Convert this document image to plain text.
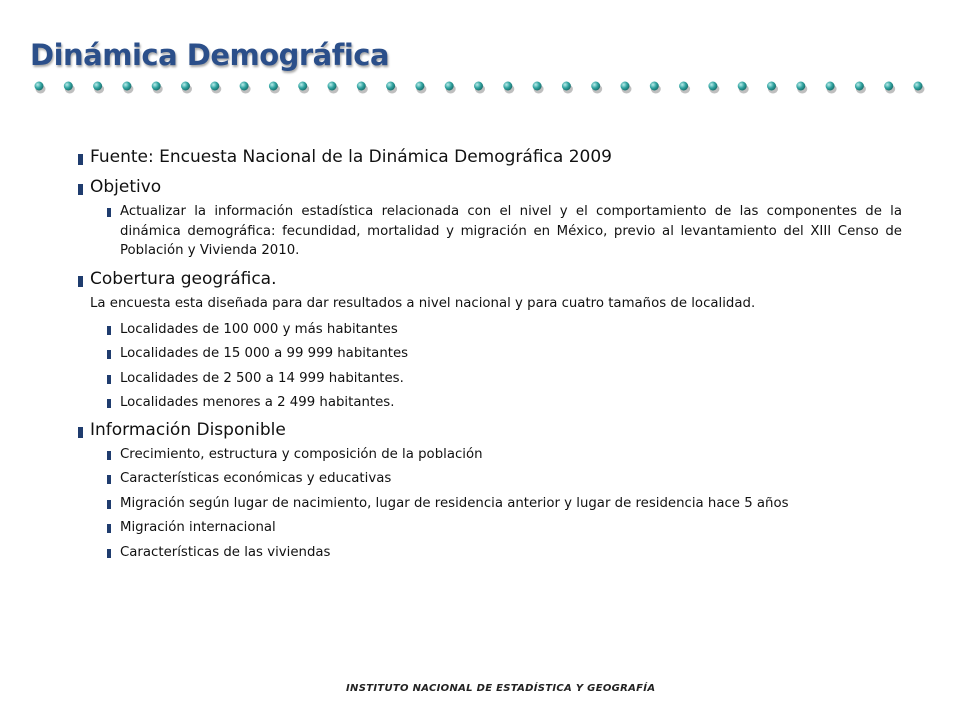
Dinámica Demográfica
Fuente: Encuesta Nacional de la Dinámica Demográfica 2009
Objetivo
Actualizar la información estadística relacionada con el nivel y el comportamiento de las componentes de la dinámica demográfica: fecundidad, mortalidad y migración en México, previo al levantamiento del XIII Censo de Población y Vivienda 2010.
Cobertura geográfica.
La encuesta esta diseñada para dar resultados a nivel nacional y para cuatro tamaños de localidad.
Localidades de 100 000 y más habitantes
Localidades de 15 000 a 99 999 habitantes
Localidades de 2 500 a 14 999 habitantes.
Localidades menores a 2 499 habitantes.
Información Disponible
Crecimiento, estructura y composición de la población
Características económicas y educativas
Migración según lugar de nacimiento, lugar de residencia anterior y lugar de residencia hace 5 años
Migración internacional
Características de las viviendas
INSTITUTO NACIONAL DE ESTADÍSTICA Y GEOGRAFÍA
